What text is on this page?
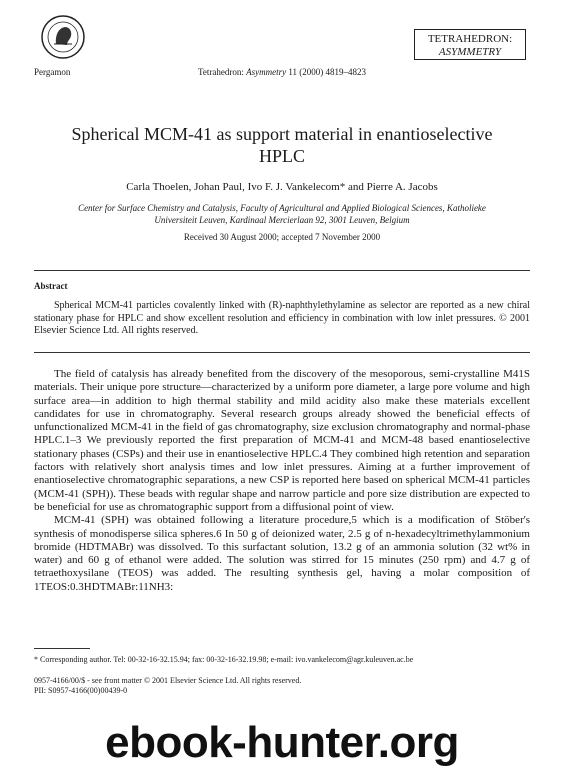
Pergamon	Tetrahedron: Asymmetry 11 (2000) 4819–4823
TETRAHEDRON:
ASYMMETRY
Spherical MCM-41 as support material in enantioselective HPLC
Carla Thoelen, Johan Paul, Ivo F. J. Vankelecom* and Pierre A. Jacobs
Center for Surface Chemistry and Catalysis, Faculty of Agricultural and Applied Biological Sciences, Katholieke Universiteit Leuven, Kardinaal Mercierlaan 92, 3001 Leuven, Belgium
Received 30 August 2000; accepted 7 November 2000
Abstract
Spherical MCM-41 particles covalently linked with (R)-naphthylethylamine as selector are reported as a new chiral stationary phase for HPLC and show excellent resolution and efficiency in combination with low inlet pressures. © 2001 Elsevier Science Ltd. All rights reserved.

The field of catalysis has already benefited from the discovery of the mesoporous, semi-crystalline M41S materials. Their unique pore structure—characterized by a uniform pore diameter, a large pore volume and high surface area—in addition to high thermal stability and mild acidity also make these materials excellent candidates for use in chromatography. Several research groups already showed the beneficial effects of unfunctionalized MCM-41 in the field of gas chromatography, size exclusion chromatography and normal-phase HPLC.1–3 We previously reported the first preparation of MCM-41 and MCM-48 based enantioselective stationary phases (CSPs) and their use in enantioselective HPLC.4 They combined high retention and separation factors with relatively short analysis times and low inlet pressures. Aiming at a further improvement of enantioselective chromatographic separations, a new CSP is reported here based on spherical MCM-41 particles (MCM-41 (SPH)). These beads with regular shape and narrow particle and pore size distribution are expected to be beneficial for use as chromatographic support from a diffusional point of view.

MCM-41 (SPH) was obtained following a literature procedure,5 which is a modification of Stöber's synthesis of monodisperse silica spheres.6 In 50 g of deionized water, 2.5 g of n-hexadecyltrimethylammonium bromide (HDTMABr) was dissolved. To this surfactant solution, 13.2 g of an ammonia solution (32 wt% in water) and 60 g of ethanol were added. The solution was stirred for 15 minutes (250 rpm) and 4.7 g of tetraethoxysilane (TEOS) was added. The resulting synthesis gel, having a molar composition of 1TEOS:0.3HDTMABr:11NH3:

* Corresponding author. Tel: 00-32-16-32.15.94; fax: 00-32-16-32.19.98; e-mail: ivo.vankelecom@agr.kuleuven.ac.be
0957-4166/00/$ - see front matter © 2001 Elsevier Science Ltd. All rights reserved.
PII: S0957-4166(00)00439-0
ebook-hunter.org
